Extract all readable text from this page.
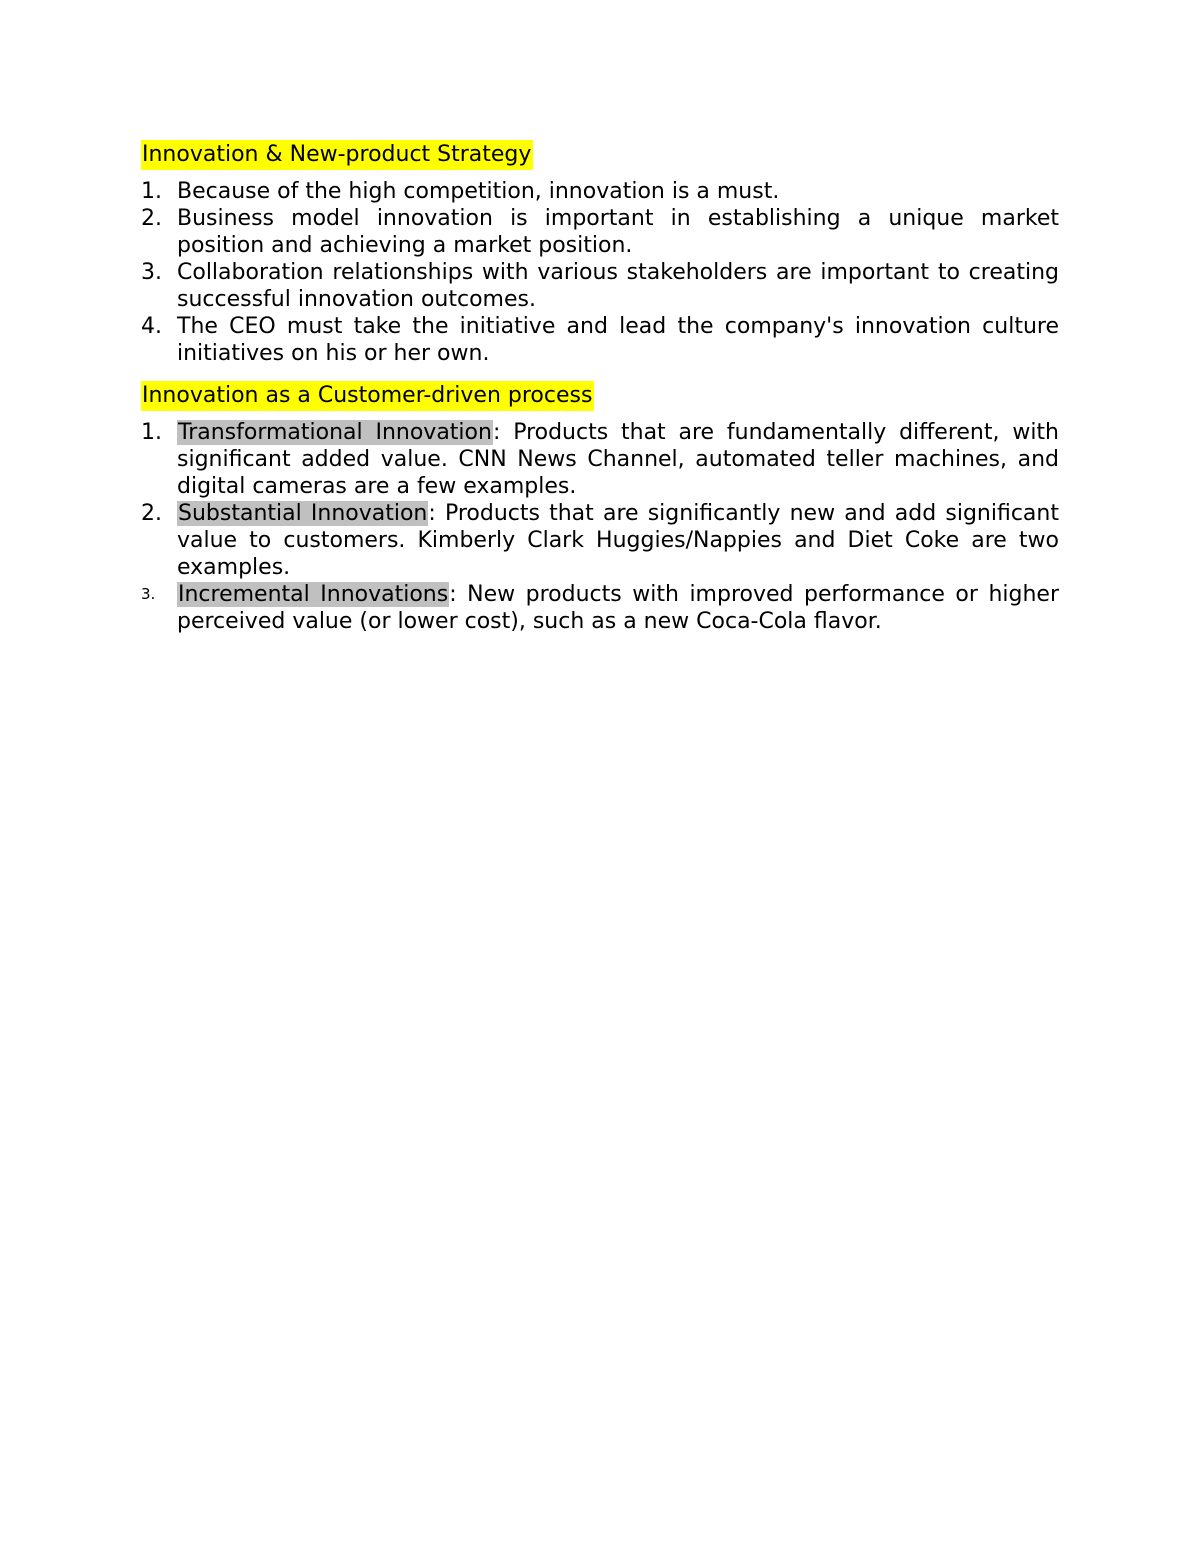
Innovation & New-product Strategy
1. Because of the high competition, innovation is a must.
2. Business model innovation is important in establishing a unique market position and achieving a market position.
3. Collaboration relationships with various stakeholders are important to creating successful innovation outcomes.
4. The CEO must take the initiative and lead the company's innovation culture initiatives on his or her own.
Innovation as a Customer-driven process
1. Transformational Innovation: Products that are fundamentally different, with significant added value. CNN News Channel, automated teller machines, and digital cameras are a few examples.
2. Substantial Innovation: Products that are significantly new and add significant value to customers. Kimberly Clark Huggies/Nappies and Diet Coke are two examples.
3.	Incremental Innovations: New products with improved performance or higher perceived value (or lower cost), such as a new Coca-Cola flavor.
